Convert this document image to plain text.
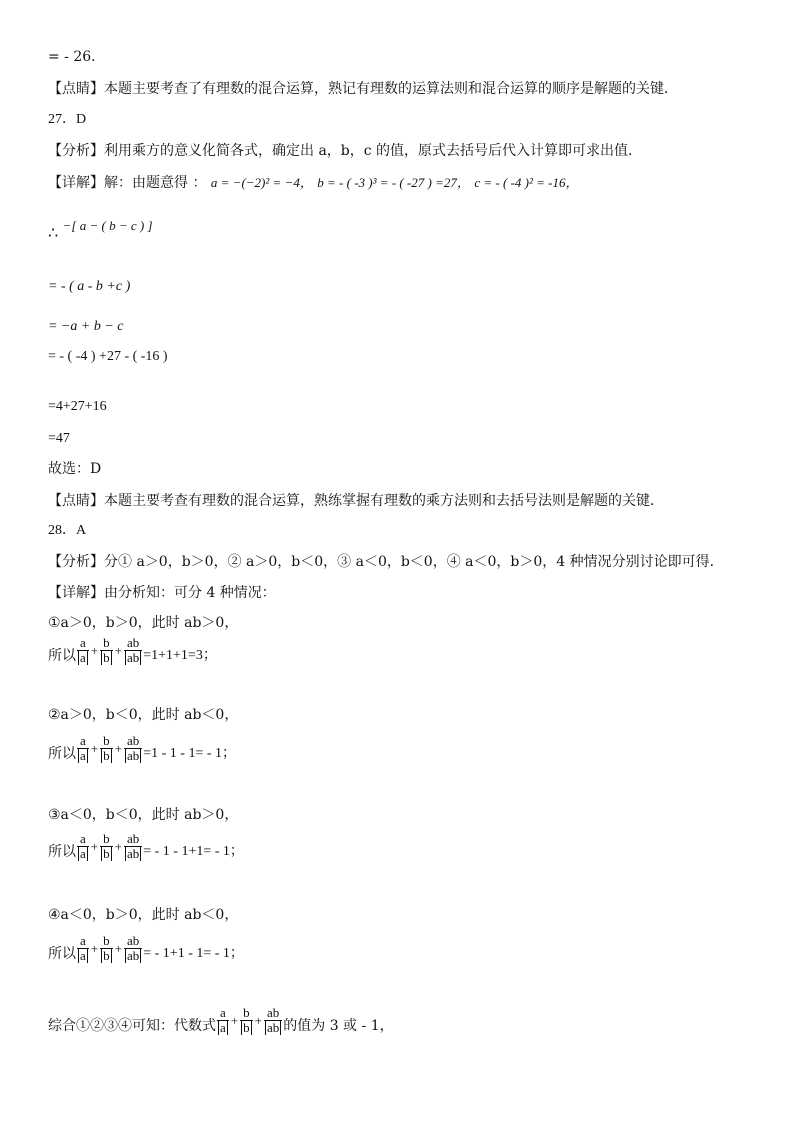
= - 26．
【点睛】本题主要考查了有理数的混合运算，熟记有理数的运算法则和混合运算的顺序是解题的关键．
27．D
【分析】利用乘方的意义化简各式，确定出 a，b，c 的值，原式去括号后代入计算即可求出值．
【详解】解：由题意得 ： a = −(−2)² = −4， b = - ( -3 )³ = - ( -27 ) =27， c = - ( -4 )² = -16，
∴ −[ a − ( b − c ) ]
= - ( a - b +c )
= −a + b − c
= - ( -4 ) +27 - ( -16 )
=4+27+16
=47
故选：D
【点睛】本题主要考查有理数的混合运算，熟练掌握有理数的乘方法则和去括号法则是解题的关键．
28．A
【分析】分① a＞0，b＞0，② a＞0，b＜0，③ a＜0，b＜0，④ a＜0，b＞0，4 种情况分别讨论即可得．
【详解】由分析知：可分 4 种情况：
①a＞0，b＞0，此时 ab＞0，
所以 $\frac{a}{a} + \frac{b}{b} + \frac{ab}{ab} =1+1+1=3$；
②a＞0，b＜0，此时 ab＜0，
所以 $\frac{a}{a} + \frac{b}{b} + \frac{ab}{ab} =1 - 1 - 1= - 1$；
③a＜0，b＜0，此时 ab＞0，
所以 $\frac{a}{a} + \frac{b}{b} + \frac{ab}{ab}$ = - 1 - 1+1= - 1；
④a＜0，b＞0，此时 ab＜0，
所以 $\frac{a}{a} + \frac{b}{b} + \frac{ab}{ab}$ = - 1+1 - 1= - 1；
综合①②③④可知：代数式 $\frac{a}{a} + \frac{b}{b} + \frac{ab}{ab}$ 的值为 3 或 - 1，
